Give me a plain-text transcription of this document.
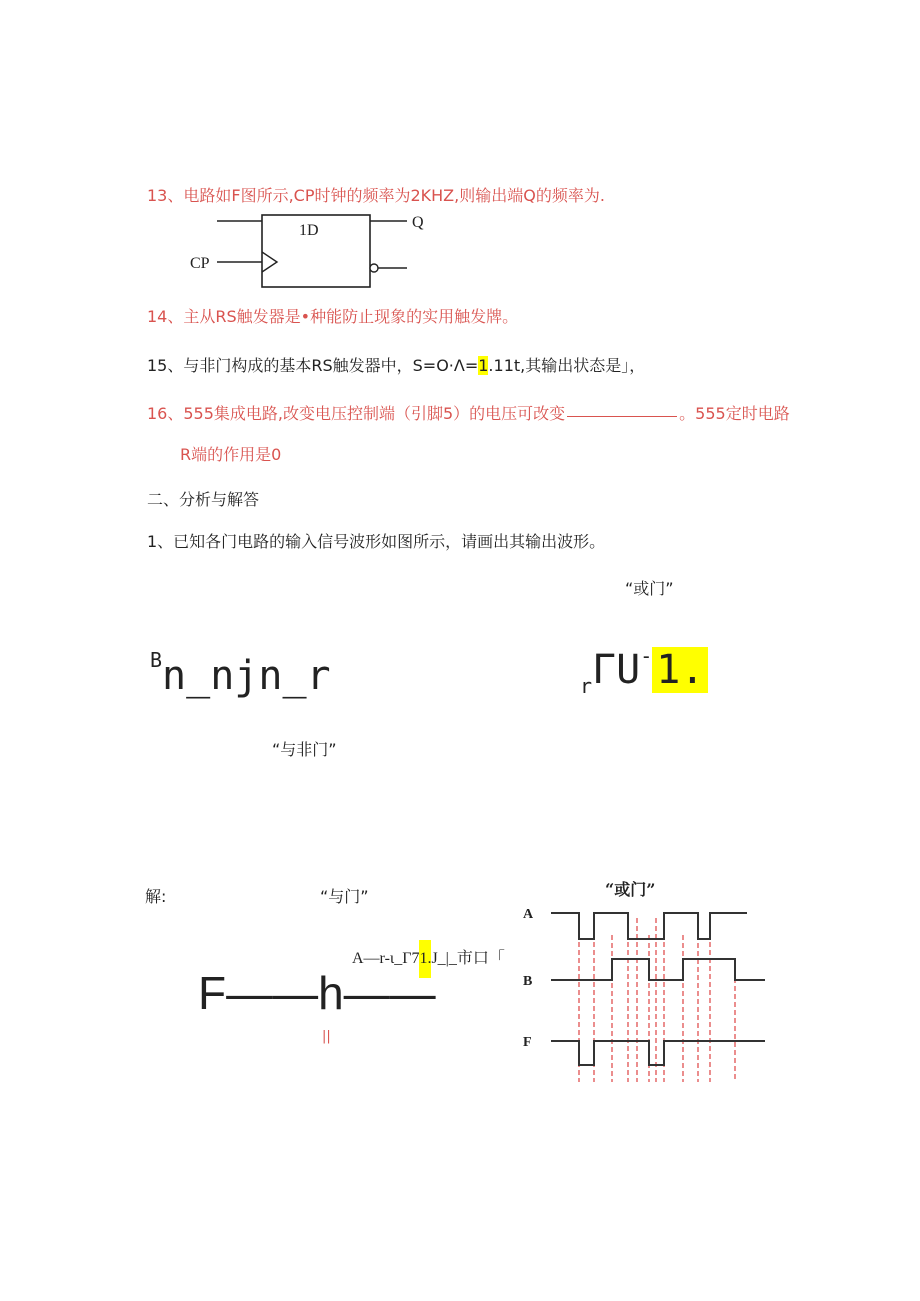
13、电路如F图所示,CP时钟的频率为2KHZ,则输出端Q的频率为.
1D	Q
CP
14、主从RS触发器是•种能防止现象的实用触发牌。
15、与非门构成的基本RS触发器中，S=O·Λ=1.11t,其输出状态是」，
16、555集成电路,改变电压控制端（引脚5）的电压可改变	。555定时电路
R端的作用是0
二、分析与解答
1、已知各门电路的输入信号波形如图所示，请画出其输出波形。
“或门”
$^B$n_njn_r	$_r$ΓU- 1.
“与非门”
解:	“与门”
A—r-ι_Γ71.J_|_市口「
F——h——
||
“或门”
A
B
F
